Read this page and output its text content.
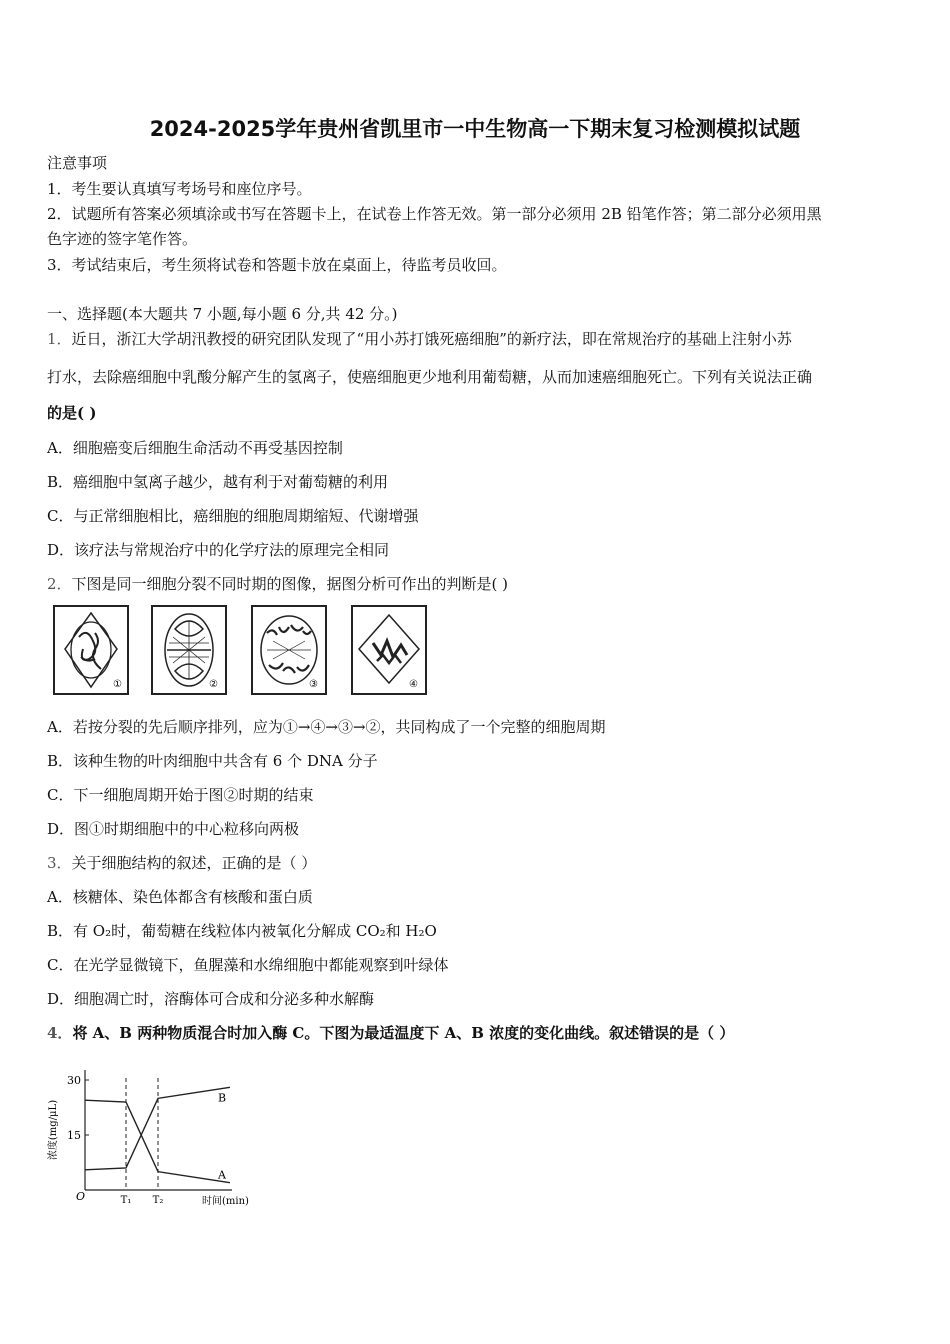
2024-2025学年贵州省凯里市一中生物高一下期末复习检测模拟试题
注意事项
1．考生要认真填写考场号和座位序号。
2．试题所有答案必须填涂或书写在答题卡上，在试卷上作答无效。第一部分必须用 2B 铅笔作答；第二部分必须用黑
色字迹的签字笔作答。
3．考试结束后，考生须将试卷和答题卡放在桌面上，待监考员收回。
一、选择题(本大题共 7 小题,每小题 6 分,共 42 分。)
1．近日，浙江大学胡汛教授的研究团队发现了“用小苏打饿死癌细胞”的新疗法，即在常规治疗的基础上注射小苏
打水，去除癌细胞中乳酸分解产生的氢离子，使癌细胞更少地利用葡萄糖，从而加速癌细胞死亡。下列有关说法正确
的是( )
A．细胞癌变后细胞生命活动不再受基因控制
B．癌细胞中氢离子越少，越有利于对葡萄糖的利用
C．与正常细胞相比，癌细胞的细胞周期缩短、代谢增强
D．该疗法与常规治疗中的化学疗法的原理完全相同
2．下图是同一细胞分裂不同时期的图像，据图分析可作出的判断是( )
①	②	③	④
A．若按分裂的先后顺序排列，应为①→④→③→②，共同构成了一个完整的细胞周期
B．该种生物的叶肉细胞中共含有 6 个 DNA 分子
C．下一细胞周期开始于图②时期的结束
D．图①时期细胞中的中心粒移向两极
3．关于细胞结构的叙述，正确的是（ ）
A．核糖体、染色体都含有核酸和蛋白质
B．有 O₂时，葡萄糖在线粒体内被氧化分解成 CO₂和 H₂O
C．在光学显微镜下，鱼腥藻和水绵细胞中都能观察到叶绿体
D．细胞凋亡时，溶酶体可合成和分泌多种水解酶
4．将 A、B 两种物质混合时加入酶 C。下图为最适温度下 A、B 浓度的变化曲线。叙述错误的是（ ）
浓度(mg/μL)
O	时间(min)
15
30
T₁ T₂
B
A
